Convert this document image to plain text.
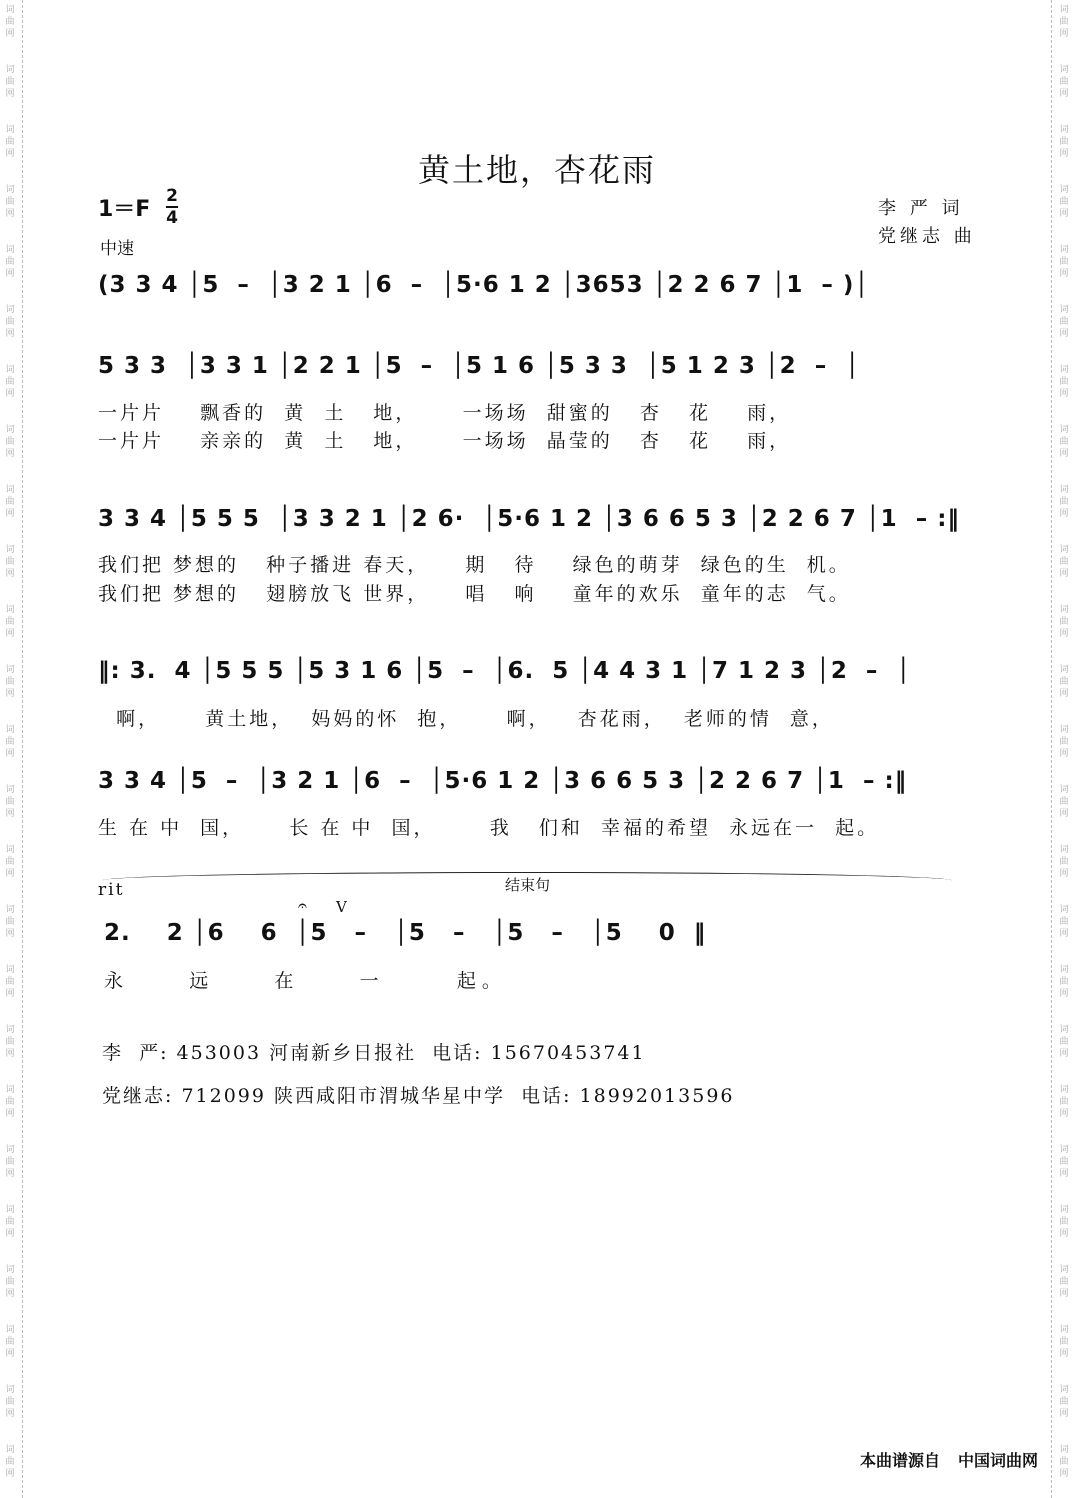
黄土地，杏花雨
1＝F
2
4
中速
李 严 词
党继志 曲
(3 3 4 │5  –  │3 2 1 │6  –  │5·6 1 2 │3653 │2 2 6 7 │1  – )│
5 3 3  │3 3 1 │2 2 1 │5  –  │5 1 6 │5 3 3  │5 1 2 3 │2  –  │
一片片    飘香的  黄  土   地，     一场场  甜蜜的   杏   花    雨，
一片片    亲亲的  黄  土   地，     一场场  晶莹的   杏   花    雨，
3 3 4 │5 5 5  │3 3 2 1 │2 6·  │5·6 1 2 │3 6 6 5 3 │2 2 6 7 │1  – :‖
我们把 梦想的   种子播进 春天，    期   待    绿色的萌芽  绿色的生  机。
我们把 梦想的   翅膀放飞 世界，    唱   响    童年的欢乐  童年的志  气。
‖: 3.  4 │5 5 5 │5 3 1 6 │5  –  │6.  5 │4 4 3 1 │7 1 2 3 │2  –  │
啊，     黄土地，  妈妈的怀  抱，     啊，   杏花雨，  老师的情  意，
3 3 4 │5  –  │3 2 1 │6  –  │5·6 1 2 │3 6 6 5 3 │2 2 6 7 │1  – :‖
生 在 中  国，     长 在 中  国，      我   们和  幸福的希望  永远在一  起。
rit	结束句
V
𝄐
2.    2 │6    6  │5   –   │5   –   │5   –   │5    0  ‖
永     远     在     一      起。
李  严: 453003 河南新乡日报社  电话: 15670453741
党继志: 712099 陕西咸阳市渭城华星中学  电话: 18992013596
本曲谱源自 中国词曲网
词
曲
网
词
曲
网
词
曲
网
词
曲
网
词
曲
网
词
曲
网
词
曲
网
词
曲
网
词
曲
网
词
曲
网
词
曲
网
词
曲
网
词
曲
网
词
曲
网
词
曲
网
词
曲
网
词
曲
网
词
曲
网
词
曲
网
词
曲
网
词
曲
网
词
曲
网
词
曲
网
词
曲
网
词
曲
网
词
曲
网
词
曲
网
词
曲
网
词
曲
网
词
曲
网
词
曲
网
词
曲
网
词
曲
网
词
曲
网
词
曲
网
词
曲
网
词
曲
网
词
曲
网
词
曲
网
词
曲
网
词
曲
网
词
曲
网
词
曲
网
词
曲
网
词
曲
网
词
曲
网
词
曲
网
词
曲
网
词
曲
网
词
曲
网
